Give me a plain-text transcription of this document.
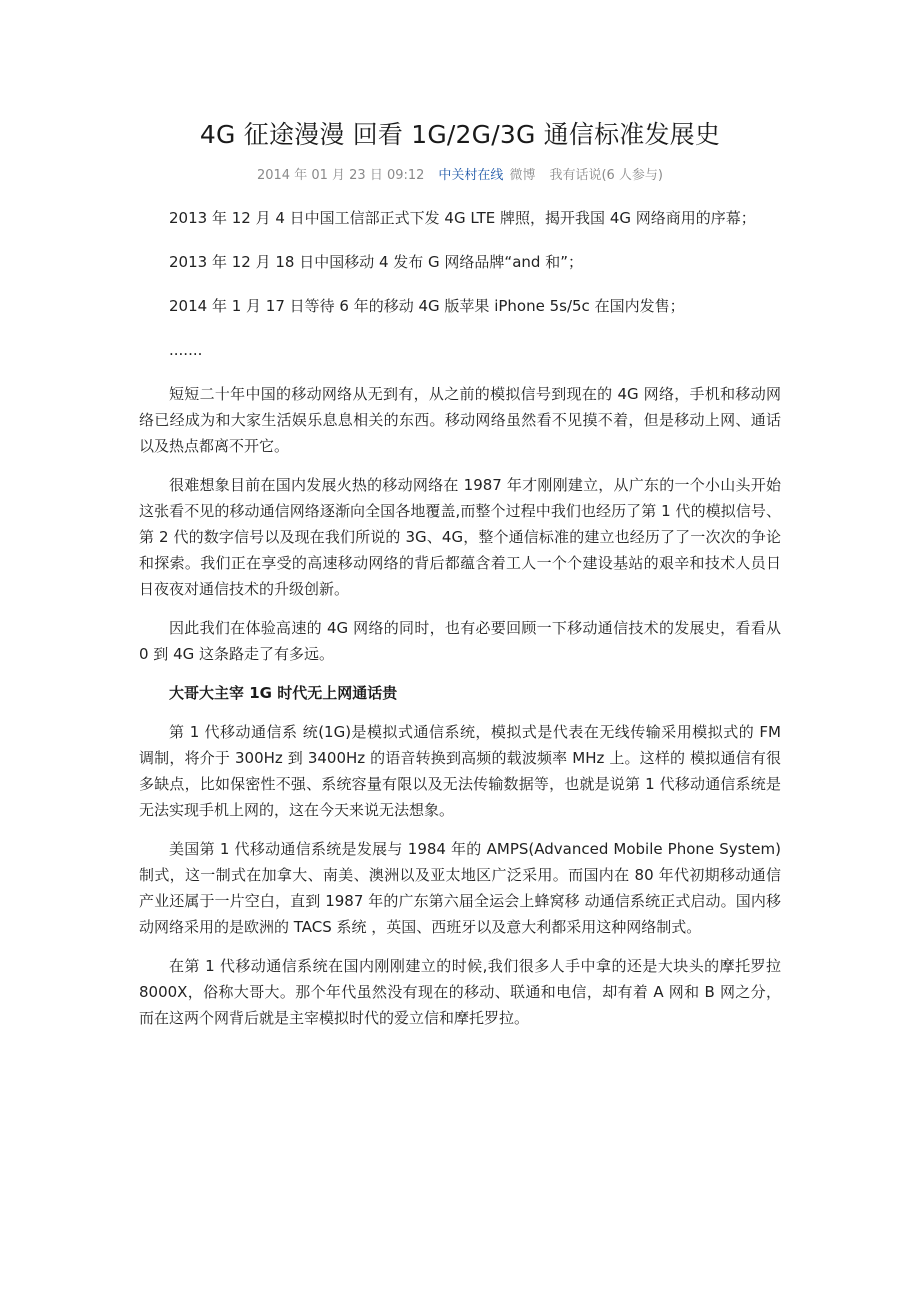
4G 征途漫漫 回看 1G/2G/3G 通信标准发展史
2014 年 01 月 23 日 09:12 中关村在线 微博 我有话说(6 人参与)

2013 年 12 月 4 日中国工信部正式下发 4G LTE 牌照，揭开我国 4G 网络商用的序幕；

2013 年 12 月 18 日中国移动 4 发布 G 网络品牌“and 和”；

2014 年 1 月 17 日等待 6 年的移动 4G 版苹果 iPhone 5s/5c 在国内发售；

.......

短短二十年中国的移动网络从无到有，从之前的模拟信号到现在的 4G 网络，手机和移动网络已经成为和大家生活娱乐息息相关的东西。移动网络虽然看不见摸不着，但是移动上网、通话以及热点都离不开它。

很难想象目前在国内发展火热的移动网络在 1987 年才刚刚建立，从广东的一个小山头开始这张看不见的移动通信网络逐渐向全国各地覆盖,而整个过程中我们也经历了第 1 代的模拟信号、第 2 代的数字信号以及现在我们所说的 3G、4G，整个通信标准的建立也经历了了一次次的争论和探索。我们正在享受的高速移动网络的背后都蕴含着工人一个个建设基站的艰辛和技术人员日日夜夜对通信技术的升级创新。

因此我们在体验高速的 4G 网络的同时，也有必要回顾一下移动通信技术的发展史，看看从 0 到 4G 这条路走了有多远。

大哥大主宰 1G 时代无上网通话贵

第 1 代移动通信系 统(1G)是模拟式通信系统，模拟式是代表在无线传输采用模拟式的 FM 调制，将介于 300Hz 到 3400Hz 的语音转换到高频的载波频率 MHz 上。这样的 模拟通信有很多缺点，比如保密性不强、系统容量有限以及无法传输数据等，也就是说第 1 代移动通信系统是无法实现手机上网的，这在今天来说无法想象。

美国第 1 代移动通信系统是发展与 1984 年的 AMPS(Advanced Mobile Phone System)制式，这一制式在加拿大、南美、澳洲以及亚太地区广泛采用。而国内在 80 年代初期移动通信产业还属于一片空白，直到 1987 年的广东第六届全运会上蜂窝移 动通信系统正式启动。国内移动网络采用的是欧洲的 TACS 系统 ，英国、西班牙以及意大利都采用这种网络制式。

在第 1 代移动通信系统在国内刚刚建立的时候,我们很多人手中拿的还是大块头的摩托罗拉 8000X，俗称大哥大。那个年代虽然没有现在的移动、联通和电信，却有着 A 网和 B 网之分，而在这两个网背后就是主宰模拟时代的爱立信和摩托罗拉。
